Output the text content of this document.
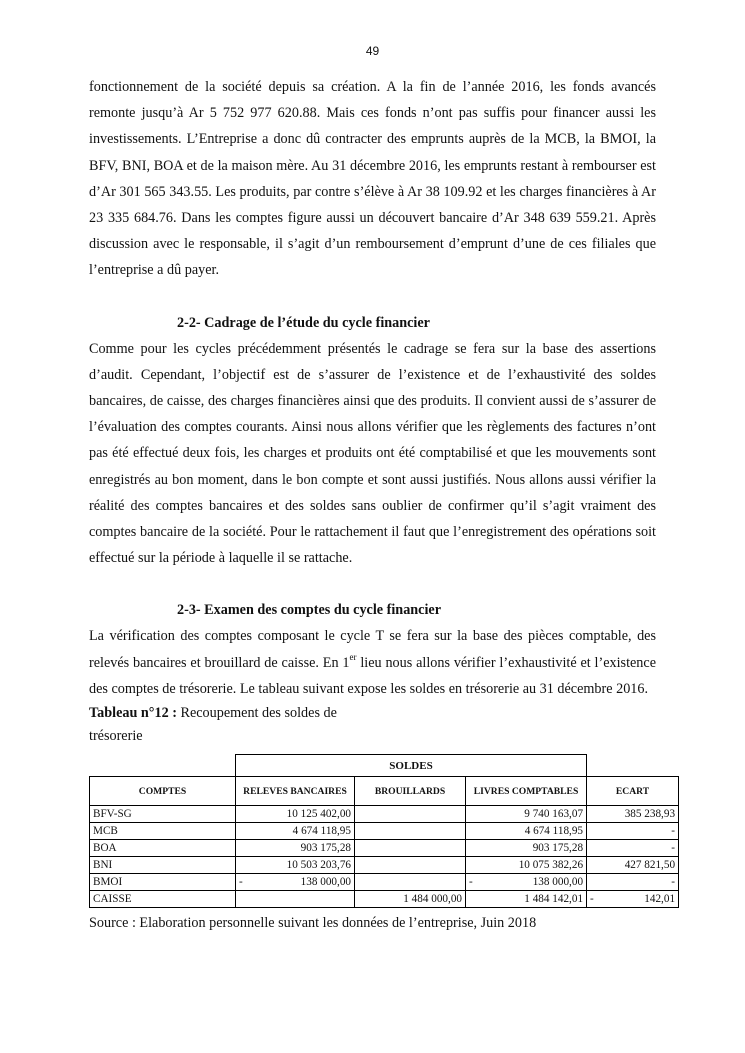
49

fonctionnement de la société depuis sa création. A la fin de l’année 2016, les fonds avancés remonte jusqu’à Ar 5 752 977 620.88. Mais ces fonds n’ont pas suffis pour financer aussi les investissements. L’Entreprise a donc dû contracter des emprunts auprès de la MCB, la BMOI, la BFV, BNI, BOA et de la maison mère. Au 31 décembre 2016, les emprunts restant à rembourser est d’Ar 301 565 343.55. Les produits, par contre s’élève à Ar 38 109.92 et les charges financières à Ar 23 335 684.76. Dans les comptes figure aussi un découvert bancaire d’Ar 348 639 559.21. Après discussion avec le responsable, il s’agit d’un remboursement d’emprunt d’une de ces filiales que l’entreprise a dû payer.

2-2- Cadrage de l’étude du cycle financier

Comme pour les cycles précédemment présentés le cadrage se fera sur la base des assertions d’audit. Cependant, l’objectif est de s’assurer de l’existence et de l’exhaustivité des soldes bancaires, de caisse, des charges financières ainsi que des produits. Il convient aussi de s’assurer de l’évaluation des comptes courants. Ainsi nous allons vérifier que les règlements des factures n’ont pas été effectué deux fois, les charges et produits ont été comptabilisé et que les mouvements sont enregistrés au bon moment, dans le bon compte et sont aussi justifiés. Nous allons aussi vérifier la réalité des comptes bancaires et des soldes sans oublier de confirmer qu’il s’agit vraiment des comptes bancaire de la société. Pour le rattachement il faut que l’enregistrement des opérations soit effectué sur la période à laquelle il se rattache.

2-3- Examen des comptes du cycle financier

La vérification des comptes composant le cycle T se fera sur la base des pièces comptable, des relevés bancaires et brouillard de caisse. En 1er lieu nous allons vérifier l’exhaustivité et l’existence des comptes de trésorerie. Le tableau suivant expose les soldes en trésorerie au 31 décembre 2016.

Tableau n°12 : Recoupement des soldes de trésorerie

	SOLDES			
COMPTES	RELEVES BANCAIRES	BROUILLARDS	LIVRES COMPTABLES	ECART
BFV-SG	10 125 402,00		9 740 163,07	385 238,93
MCB	4 674 118,95		4 674 118,95	-
BOA	903 175,28		903 175,28	-
BNI	10 503 203,76		10 075 382,26	427 821,50
BMOI	- 138 000,00		- 138 000,00	-
CAISSE		1 484 000,00	1 484 142,01	- 142,01

Source : Elaboration personnelle suivant les données de l’entreprise, Juin 2018
